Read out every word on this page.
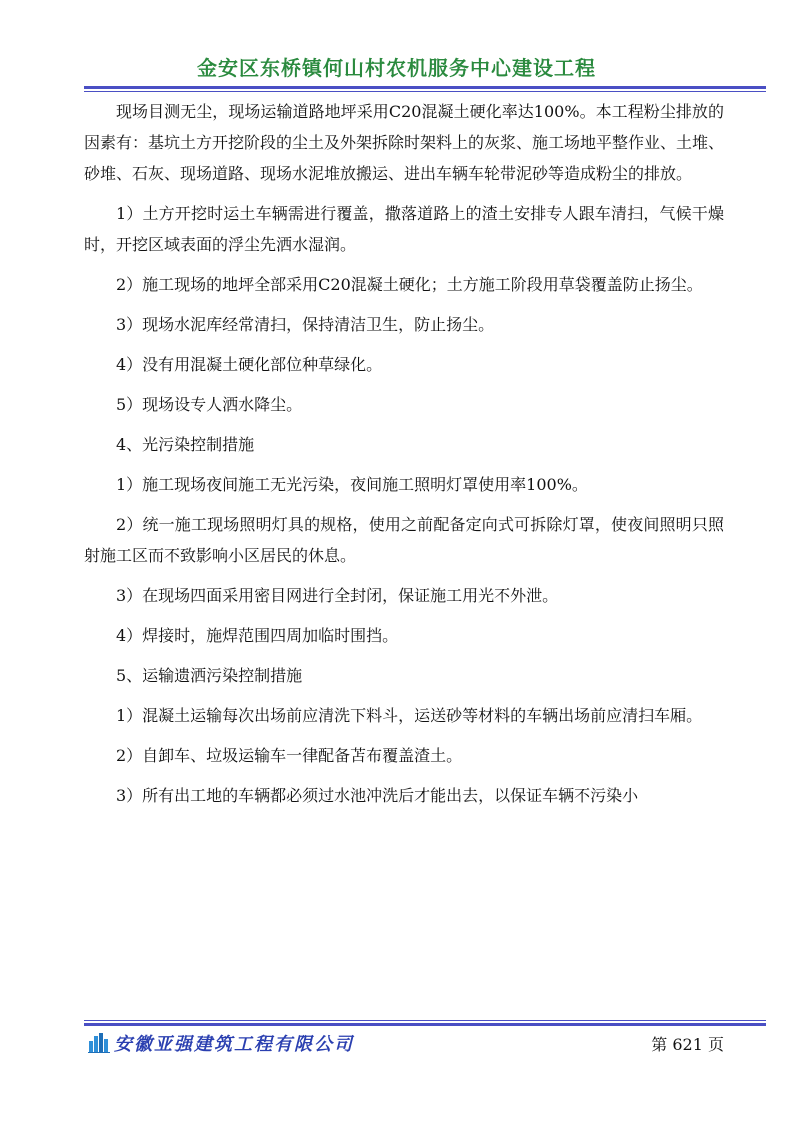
金安区东桥镇何山村农机服务中心建设工程

现场目测无尘，现场运输道路地坪采用C20混凝土硬化率达100%。本工程粉尘排放的因素有：基坑土方开挖阶段的尘土及外架拆除时架料上的灰浆、施工场地平整作业、土堆、砂堆、石灰、现场道路、现场水泥堆放搬运、进出车辆车轮带泥砂等造成粉尘的排放。

1）土方开挖时运土车辆需进行覆盖，撒落道路上的渣土安排专人跟车清扫，气候干燥时，开挖区域表面的浮尘先洒水湿润。

2）施工现场的地坪全部采用C20混凝土硬化；土方施工阶段用草袋覆盖防止扬尘。

3）现场水泥库经常清扫，保持清洁卫生，防止扬尘。

4）没有用混凝土硬化部位种草绿化。

5）现场设专人洒水降尘。

4、光污染控制措施

1）施工现场夜间施工无光污染，夜间施工照明灯罩使用率100%。

2）统一施工现场照明灯具的规格，使用之前配备定向式可拆除灯罩，使夜间照明只照射施工区而不致影响小区居民的休息。

3）在现场四面采用密目网进行全封闭，保证施工用光不外泄。

4）焊接时，施焊范围四周加临时围挡。

5、运输遗洒污染控制措施

1）混凝土运输每次出场前应清洗下料斗，运送砂等材料的车辆出场前应清扫车厢。

2）自卸车、垃圾运输车一律配备苫布覆盖渣土。

3）所有出工地的车辆都必须过水池冲洗后才能出去，以保证车辆不污染小

安徽亚强建筑工程有限公司	第 621 页
